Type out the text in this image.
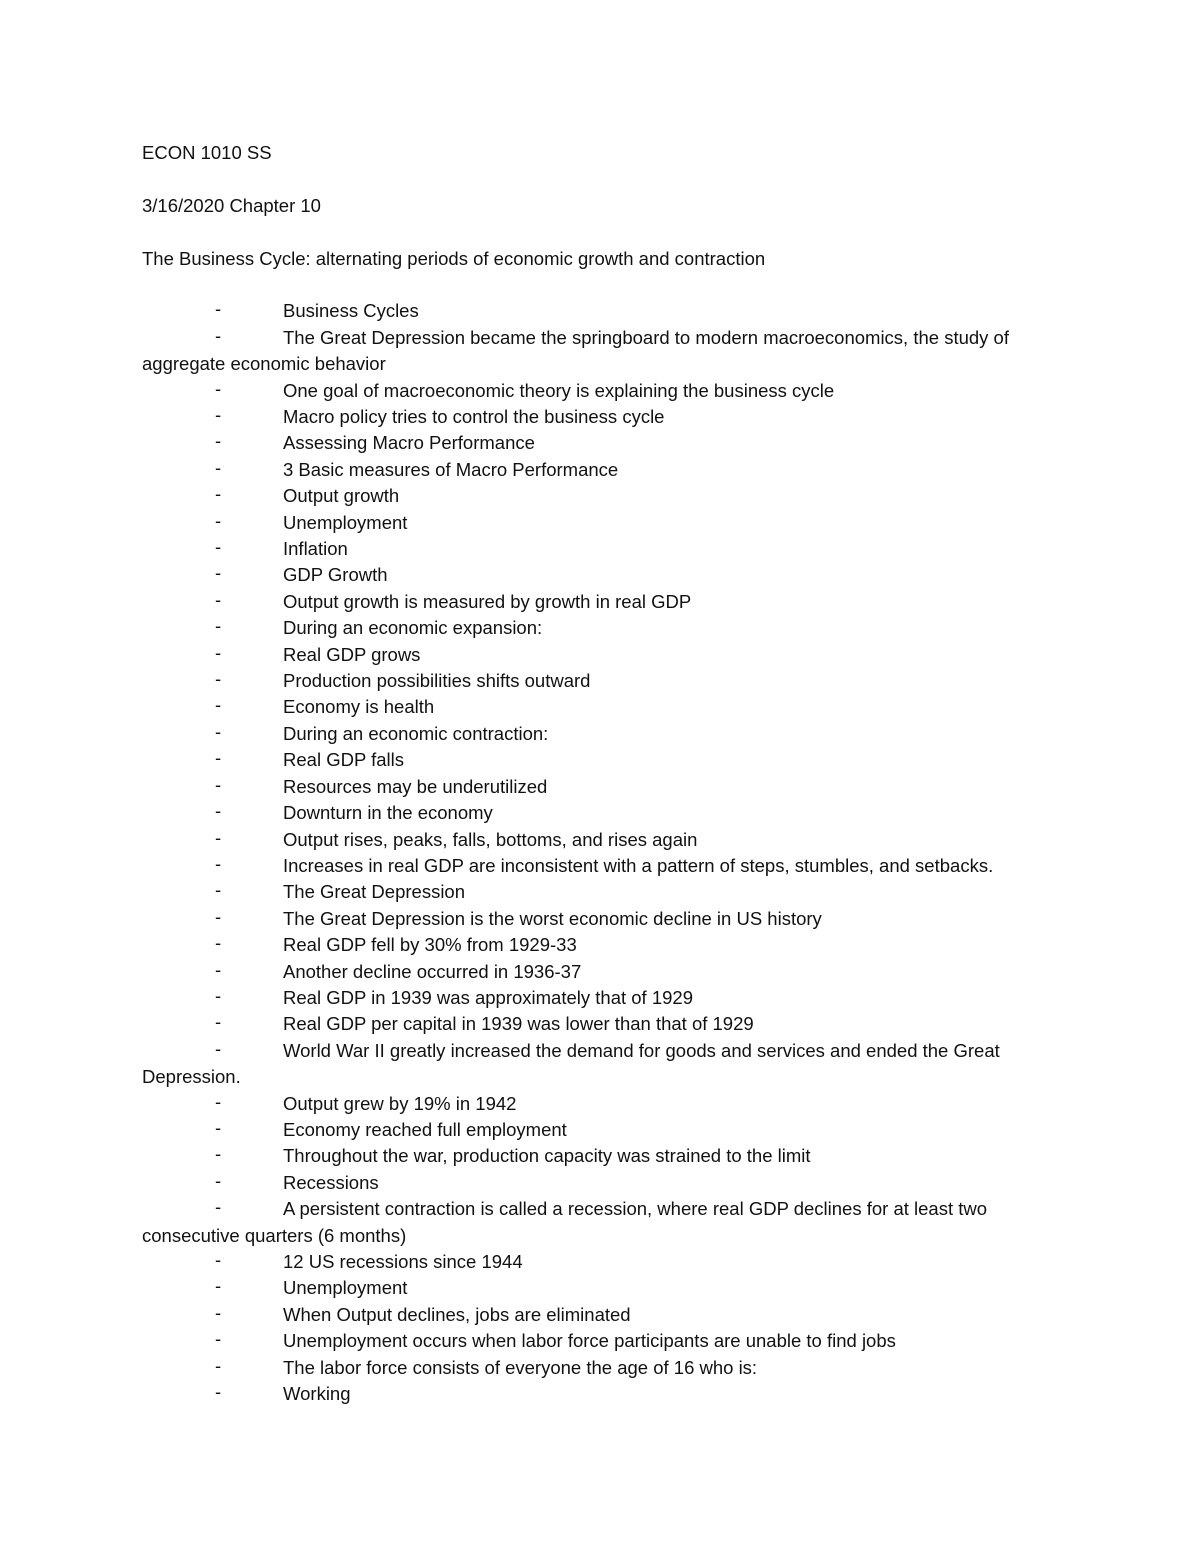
ECON 1010 SS

3/16/2020 Chapter 10

The Business Cycle: alternating periods of economic growth and contraction

-	Business Cycles

-	The Great Depression became the springboard to modern macroeconomics, the study of aggregate economic behavior

-	One goal of macroeconomic theory is explaining the business cycle

-	Macro policy tries to control the business cycle

-	Assessing Macro Performance

-	3 Basic measures of Macro Performance

-	Output growth

-	Unemployment

-	Inflation

-	GDP Growth

-	Output growth is measured by growth in real GDP

-	During an economic expansion:

-	Real GDP grows

-	Production possibilities shifts outward

-	Economy is health

-	During an economic contraction:

-	Real GDP falls

-	Resources may be underutilized

-	Downturn in the economy

-	Output rises, peaks, falls, bottoms, and rises again

-	Increases in real GDP are inconsistent with a pattern of steps, stumbles, and setbacks.

-	The Great Depression

-	The Great Depression is the worst economic decline in US history

-	Real GDP fell by 30% from 1929-33

-	Another decline occurred in 1936-37

-	Real GDP in 1939 was approximately that of 1929

-	Real GDP per capital in 1939 was lower than that of 1929

-	World War II greatly increased the demand for goods and services and ended the Great Depression.

-	Output grew by 19% in 1942

-	Economy reached full employment

-	Throughout the war, production capacity was strained to the limit

-	Recessions

-	A persistent contraction is called a recession, where real GDP declines for at least two consecutive quarters (6 months)

-	12 US recessions since 1944

-	Unemployment

-	When Output declines, jobs are eliminated

-	Unemployment occurs when labor force participants are unable to find jobs

-	The labor force consists of everyone the age of 16 who is:

-	Working
